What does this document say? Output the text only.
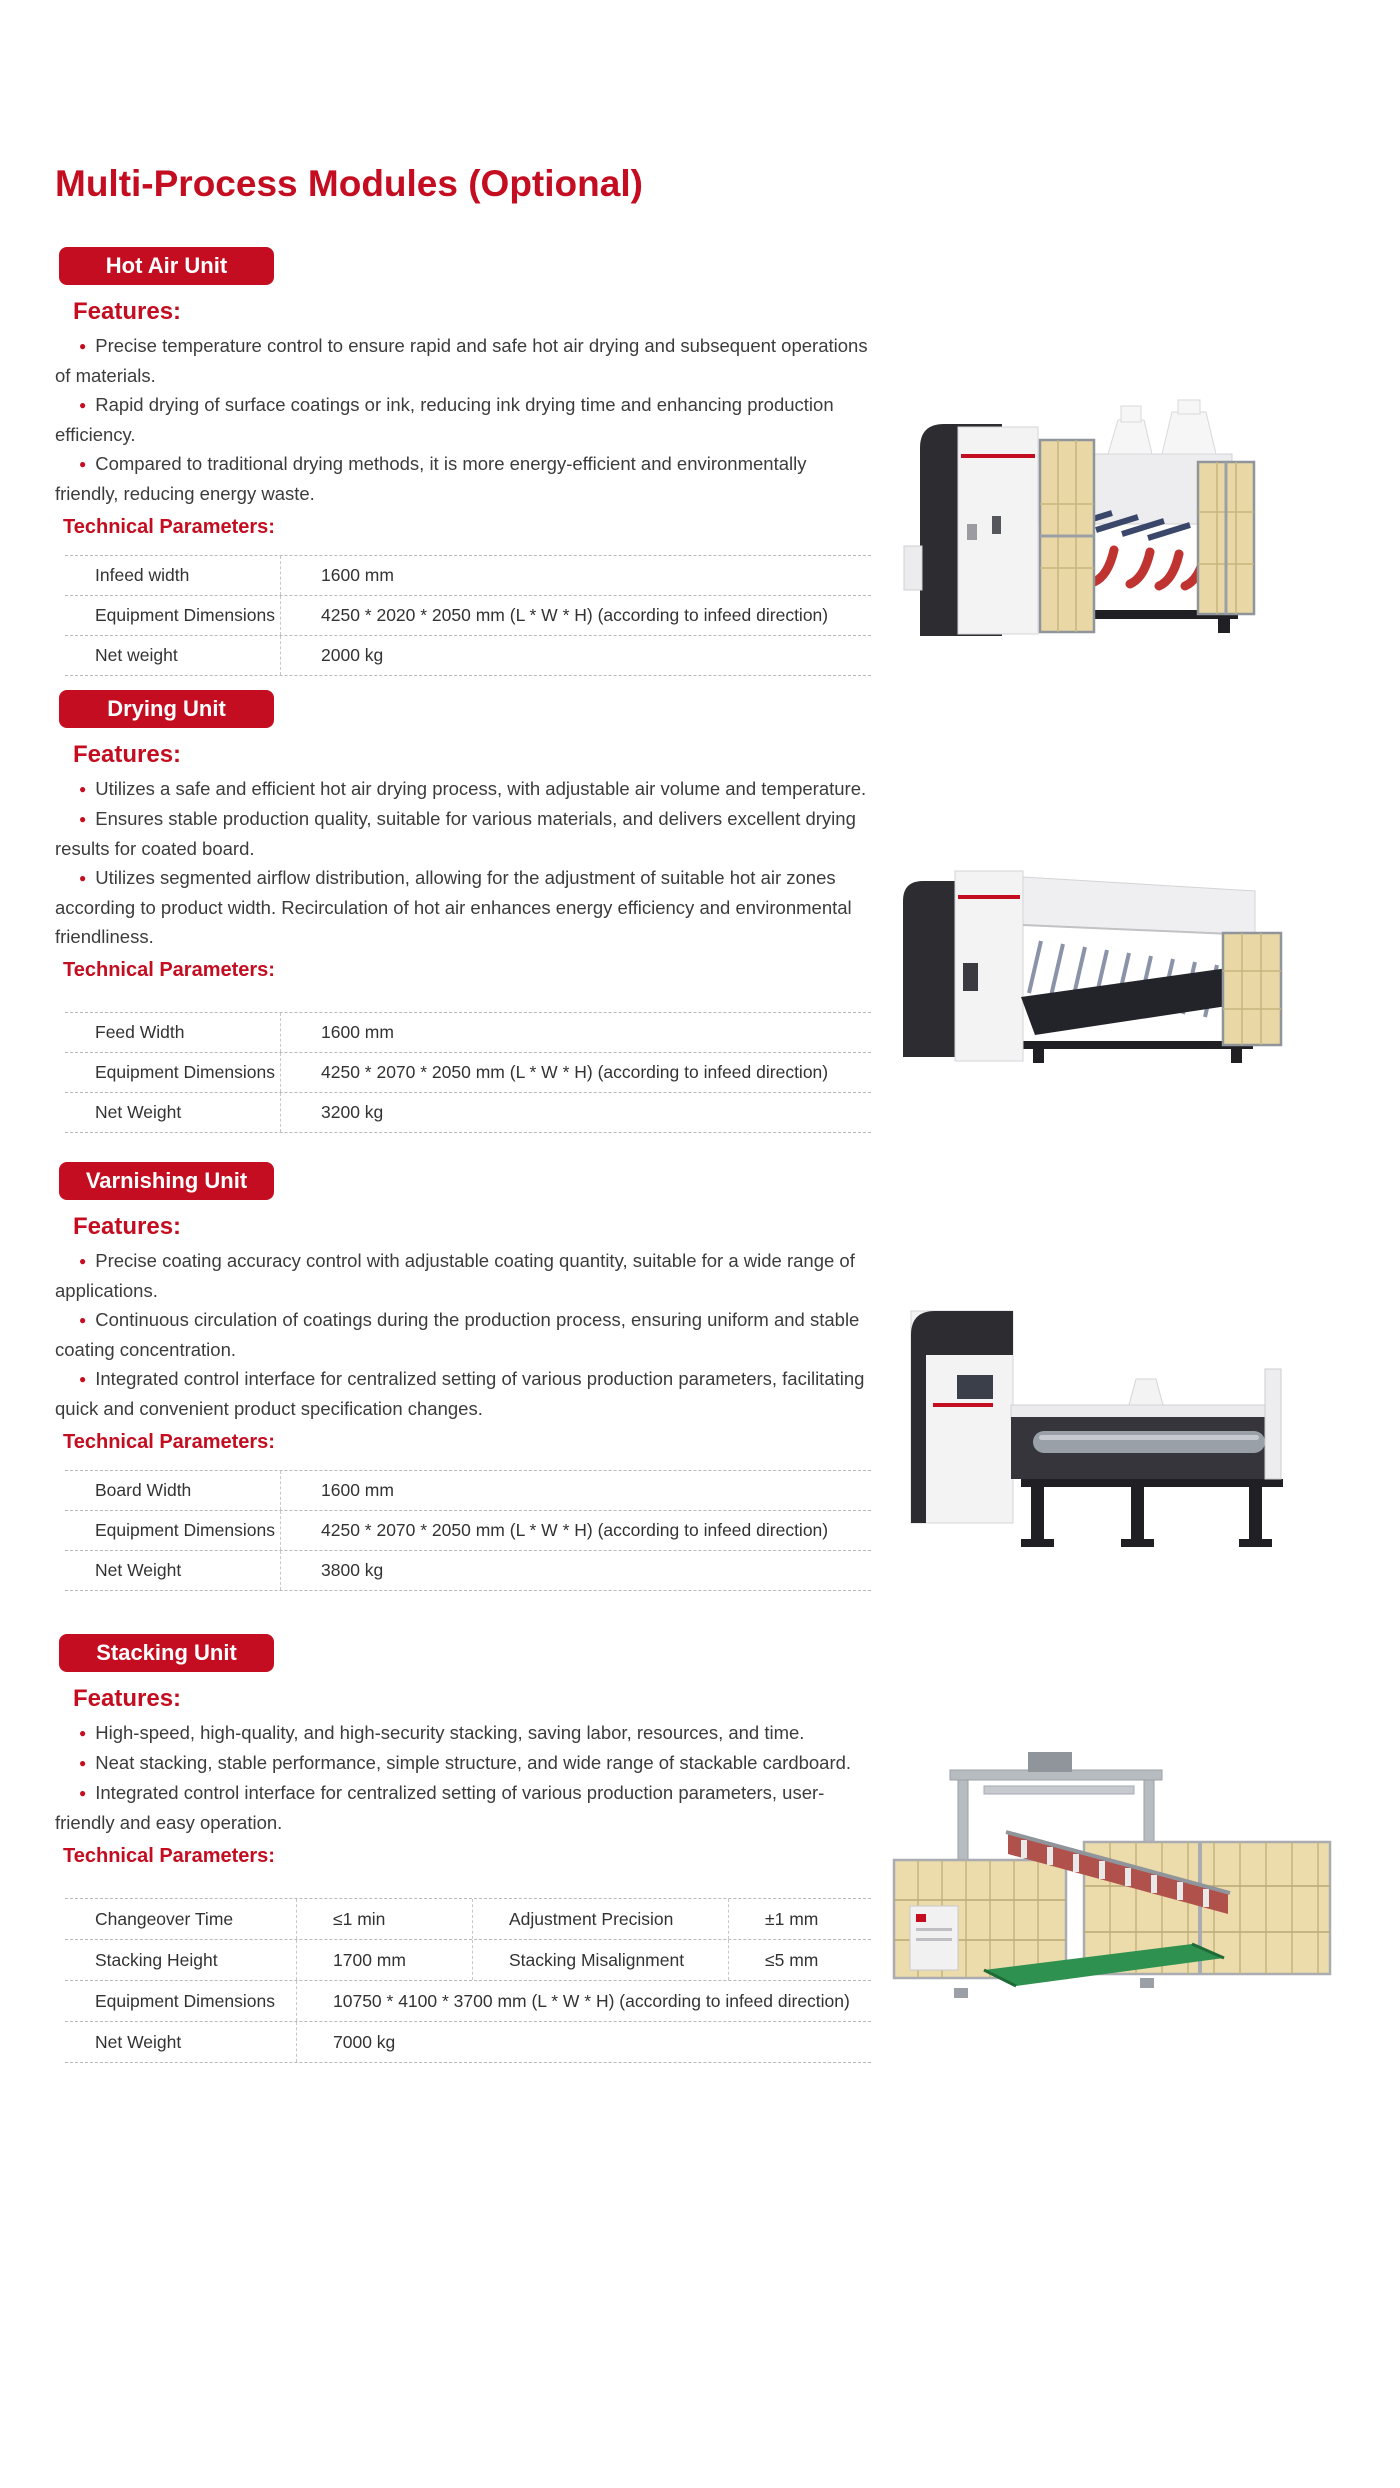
Multi-Process Modules (Optional)
Hot Air Unit
Features:

● Precise temperature control to ensure rapid and safe hot air drying and subsequent operations of materials.

● Rapid drying of surface coatings or ink, reducing ink drying time and enhancing production efficiency.

● Compared to traditional drying methods, it is more energy-efficient and environmentally friendly, reducing energy waste.

Technical Parameters:
Infeed width	1600 mm
Equipment Dimensions	4250 * 2020 * 2050 mm (L * W * H) (according to infeed direction)
Net weight	2000 kg
Drying Unit
Features:

● Utilizes a safe and efficient hot air drying process, with adjustable air volume and temperature.

● Ensures stable production quality, suitable for various materials, and delivers excellent drying results for coated board.

● Utilizes segmented airflow distribution, allowing for the adjustment of suitable hot air zones according to product width. Recirculation of hot air enhances energy efficiency and environmental friendliness.

Technical Parameters:
Feed Width	1600 mm
Equipment Dimensions	4250 * 2070 * 2050 mm (L * W * H) (according to infeed direction)
Net Weight	3200 kg
Varnishing Unit
Features:

● Precise coating accuracy control with adjustable coating quantity, suitable for a wide range of applications.

● Continuous circulation of coatings during the production process, ensuring uniform and stable coating concentration.

● Integrated control interface for centralized setting of various production parameters, facilitating quick and convenient product specification changes.

Technical Parameters:
Board Width	1600 mm
Equipment Dimensions	4250 * 2070 * 2050 mm (L * W * H) (according to infeed direction)
Net Weight	3800 kg
Stacking Unit
Features:

● High-speed, high-quality, and high-security stacking, saving labor, resources, and time.

● Neat stacking, stable performance, simple structure, and wide range of stackable cardboard.

● Integrated control interface for centralized setting of various production parameters, user-friendly and easy operation.

Technical Parameters:
Changeover Time	≤1 min	Adjustment Precision	±1 mm
Stacking Height	1700 mm	Stacking Misalignment	≤5 mm
Equipment Dimensions	10750 * 4100 * 3700 mm (L * W * H) (according to infeed direction)
Net Weight	7000 kg
